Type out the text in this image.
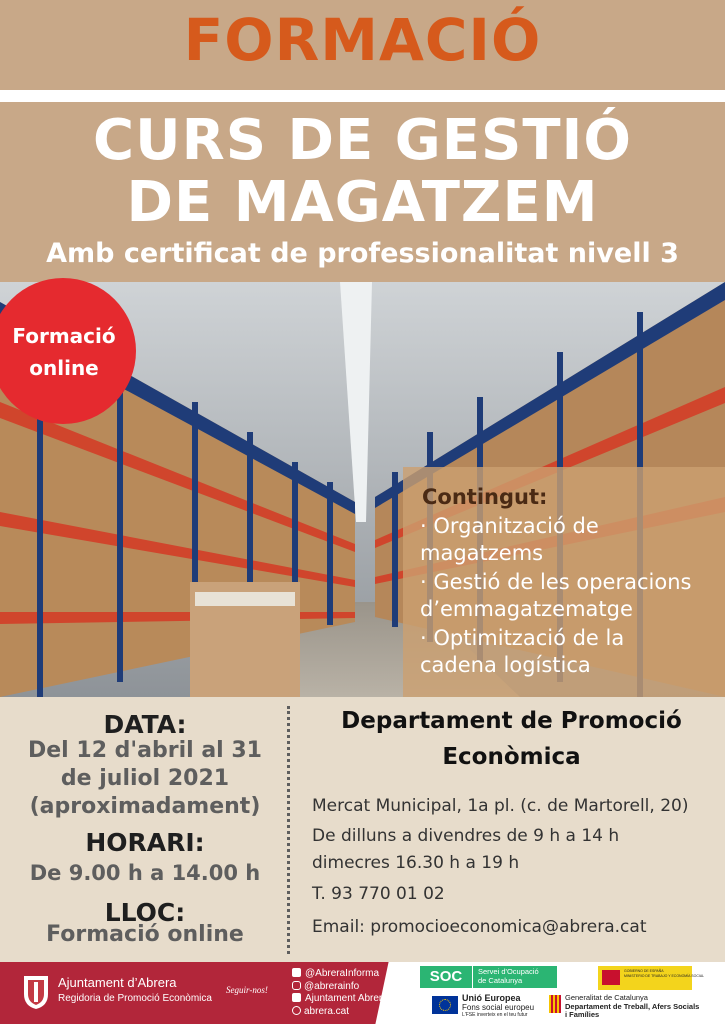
FORMACIÓ
CURS DE GESTIÓ
DE MAGATZEM
Amb certificat de professionalitat nivell 3
Formació
online
Contingut:
· Organització de
magatzems
· Gestió de les operacions
d’emmagatzematge
· Optimització de la
cadena logística
DATA:
Del 12 d'abril al 31
de juliol 2021
(aproximadament)
HORARI:
De 9.00 h a 14.00 h
LLOC:
Formació online
Departament de Promoció
Econòmica
Mercat Municipal, 1a pl. (c. de Martorell, 20)
De dilluns a divendres de 9 h a 14 h
dimecres 16.30 h a 19 h
T. 93 770 01 02
Email: promocioeconomica@abrera.cat
Ajuntament d’Abrera
Regidoria de Promoció Econòmica
Seguir-nos!
@AbreraInforma
@abrerainfo
Ajuntament Abrera
abrera.cat
SOC	Servei d'Ocupació
de Catalunya
GOBIERNO DE ESPAÑA
MINISTERIO DE TRABAJO Y ECONOMÍA SOCIAL
Unió Europea
Fons social europeu
L'FSE inverteix en el teu futur
Generalitat de Catalunya
Departament de Treball, Afers Socials
i Famílies
